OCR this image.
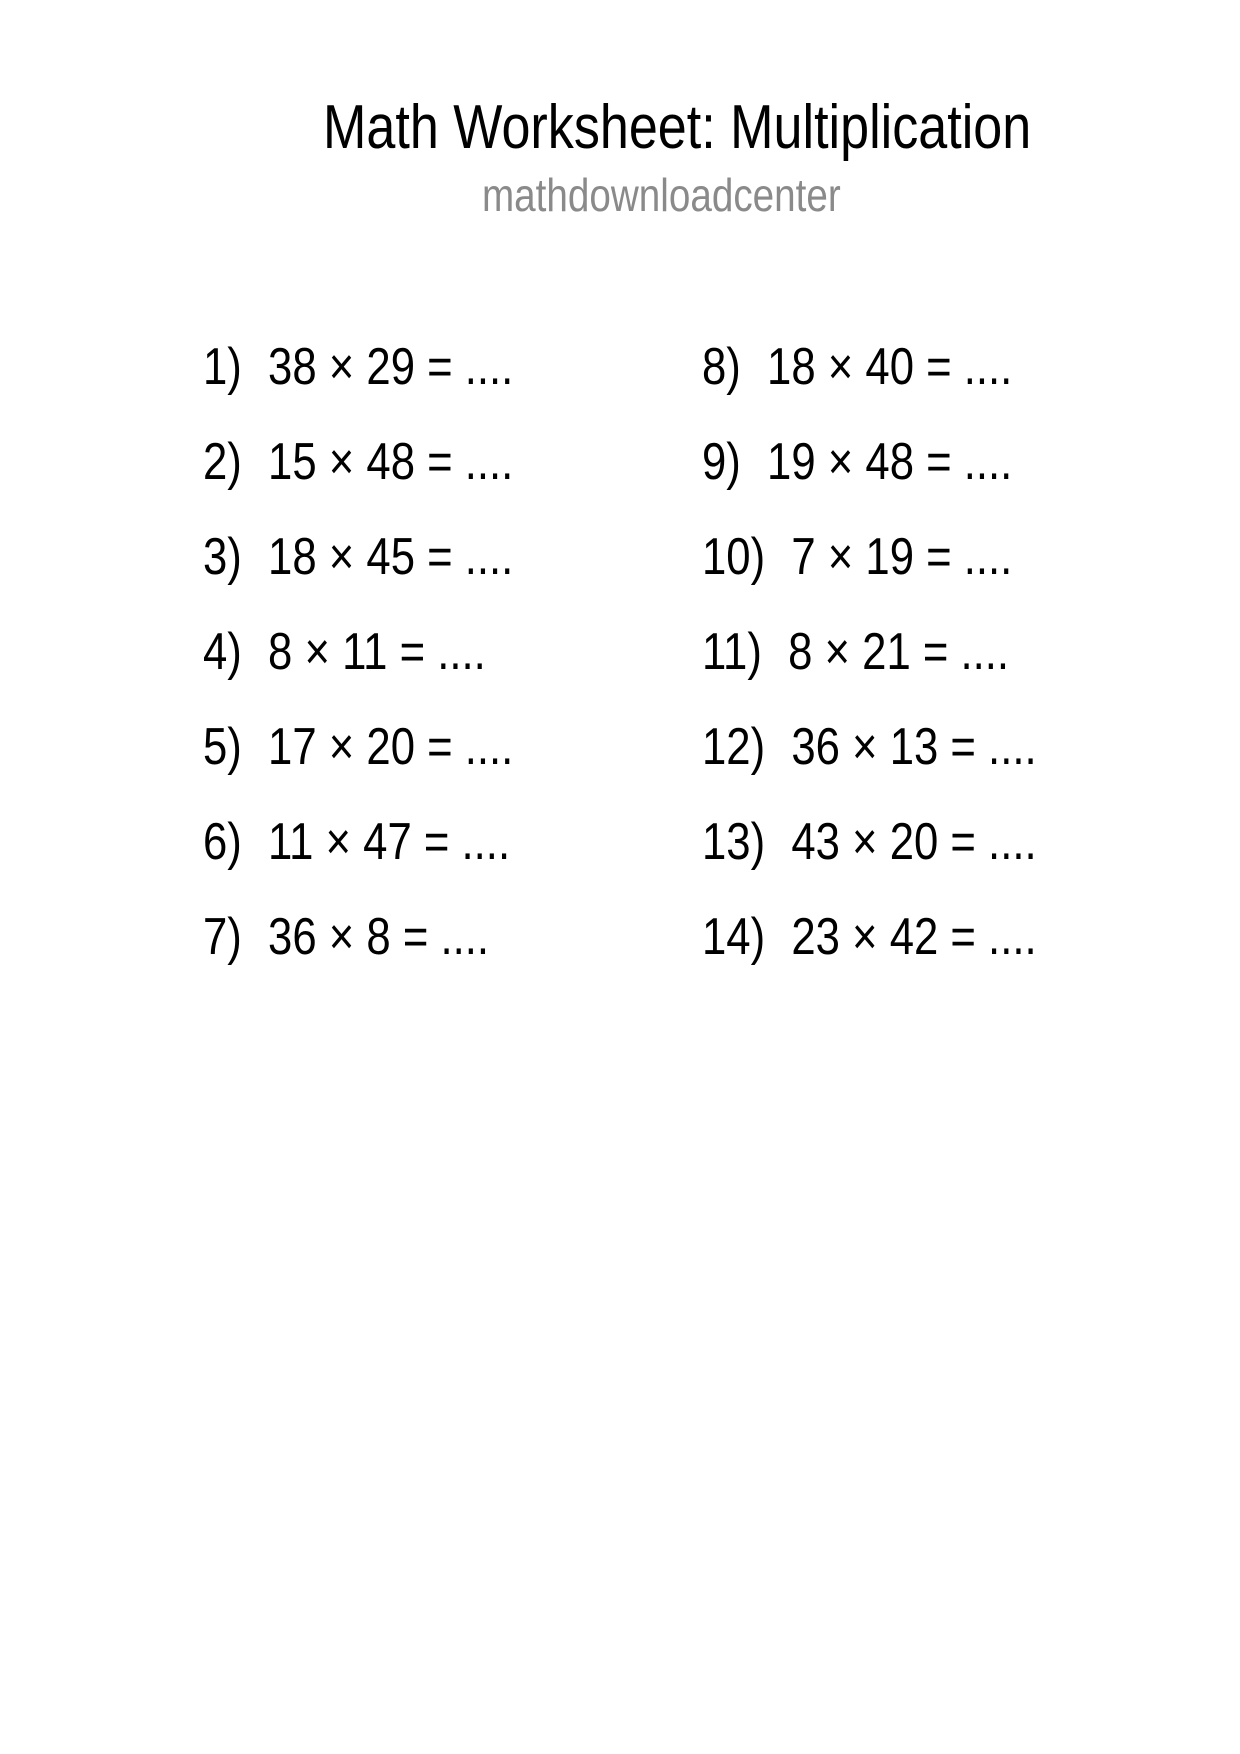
Math Worksheet: Multiplication
mathdownloadcenter
1) 38 × 29 = ....
2) 15 × 48 = ....
3) 18 × 45 = ....
4) 8 × 11 = ....
5) 17 × 20 = ....
6) 11 × 47 = ....
7) 36 × 8 = ....
8) 18 × 40 = ....
9) 19 × 48 = ....
10) 7 × 19 = ....
11) 8 × 21 = ....
12) 36 × 13 = ....
13) 43 × 20 = ....
14) 23 × 42 = ....
